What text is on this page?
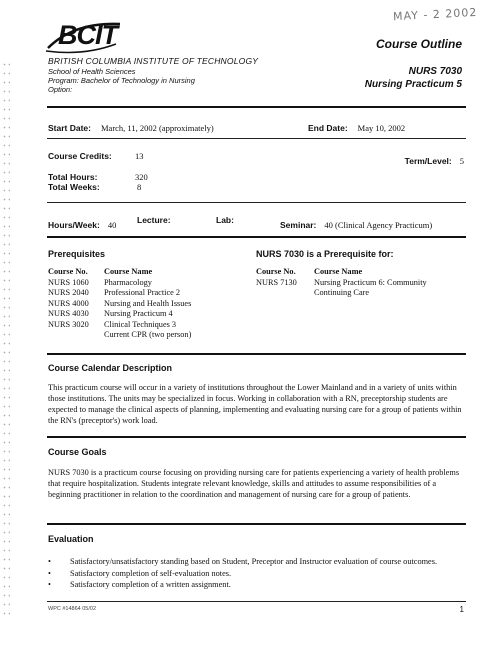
MAY - 2 2002
BCIT
BRITISH COLUMBIA INSTITUTE OF TECHNOLOGY
School of Health Sciences
Program: Bachelor of Technology in Nursing
Option:
Course Outline
NURS 7030
Nursing Practicum 5
Start Date: March, 11, 2002 (approximately)	End Date: May 10, 2002
Course Credits:	13	Term/Level: 5
Total Hours:	320
Total Weeks:	8
Hours/Week: 40 Lecture:	Lab:	Seminar: 40 (Clinical Agency Practicum)
Prerequisites
Course No.	Course Name
NURS 1060	Pharmacology
NURS 2040	Professional Practice 2
NURS 4000	Nursing and Health Issues
NURS 4030	Nursing Practicum 4
NURS 3020	Clinical Techniques 3
	Current CPR (two person)
NURS 7030 is a Prerequisite for:
Course No.	Course Name
NURS 7130	Nursing Practicum 6: Community
	Continuing Care
Course Calendar Description

This practicum course will occur in a variety of institutions throughout the Lower Mainland and in a variety of units within those institutions. The units may be specialized in focus. Working in collaboration with a RN, preceptorship students are expected to manage the clinical aspects of planning, implementing and evaluating nursing care for a group of patients within the RN's (preceptor's) work load.

Course Goals

NURS 7030 is a practicum course focusing on providing nursing care for patients experiencing a variety of health problems that require hospitalization. Students integrate relevant knowledge, skills and attitudes to assume responsibilities of a beginning practitioner in relation to the coordination and management of nursing care for a group of patients.

Evaluation
• Satisfactory/unsatisfactory standing based on Student, Preceptor and Instructor evaluation of course outcomes.
• Satisfactory completion of self-evaluation notes.
• Satisfactory completion of a written assignment.
WPC #14864 05/02	1
